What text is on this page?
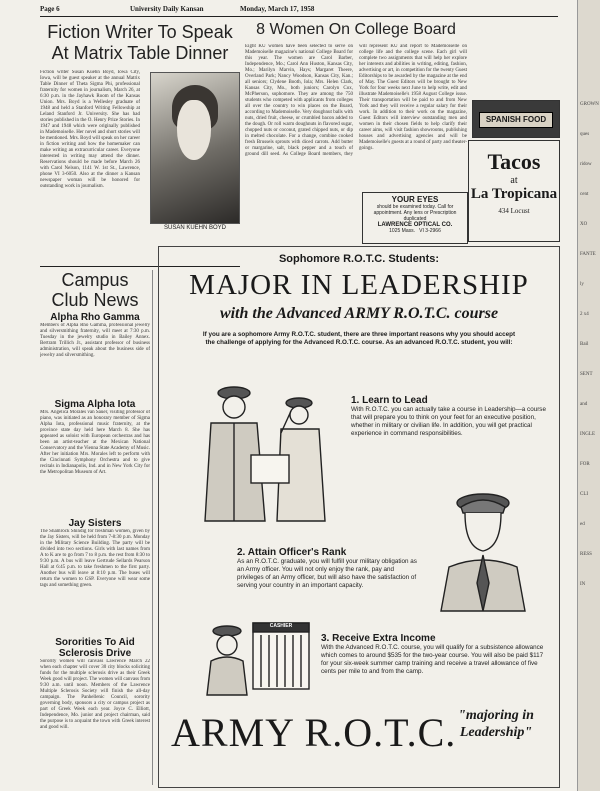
Page 6	University Daily Kansan	Monday, March 17, 1958
Fiction Writer To Speak
At Matrix Table Dinner
Fiction writer Susan Kuehn Boyd, Iowa City, Iowa, will be guest speaker at the annual Matrix Table Dinner of Theta Sigma Phi, professional fraternity for women in journalism, March 26, at 6:30 p.m. in the Jayhawk Room of the Kansas Union. Mrs. Boyd is a Wellesley graduate of 1948 and held a Stanford Writing Fellowship at Leland Stanford Jr. University. She has had stories published in the O. Henry Prize Stories. In 1947 and 1948 which were originally published in Mademoiselle. Her novel and short stories will be mentioned. Mrs. Boyd will speak on her career in fiction writing and how the homemaker can make writing an extracurricular career. Everyone interested in writing may attend the dinner. Reservations should be made before March 26 with Carol Nelson, 1141 W. 1st St., Lawrence, phone VI 3-6050. Also at the dinner a Kansan newspaper woman will be honored for outstanding work in journalism.
SUSAN KUEHN BOYD
Campus
Club News
Alpha Rho Gamma
Members of Alpha Rho Gamma, professional jewelry and silversmithing fraternity, will meet at 7:30 p.m. Tuesday in the jewelry studio in Bailey Annex. Bertram Trillich Jr., assistant professor of business administration, will speak about the business side of jewelry and silversmithing.
Sigma Alpha Iota
Mrs. Angelica Morales van Sauer, visiting professor of piano, was initiated as an honorary member of Sigma Alpha Iota, professional music fraternity, at the province state day held here March 8. She has appeared as soloist with European orchestras and has been an artist-teacher at the Mexican National Conservatory and the Vienna State Academy of Music. After her initiation Mrs. Morales left to perform with the Cincinnati Symphony Orchestra and to give recitals in Indianapolis, Ind. and in New York City for the Metropolitan Museum of Art.
Jay Sisters
The Shamrock Shindig for freshman women, given by the Jay Sisters, will be held from 7-8:30 p.m. Monday in the Military Science Building. The party will be divided into two sections. Girls with last names from A to K are to go from 7 to 8 p.m. the rest from 8:30 to 9:30 p.m. A bus will leave Gertrude Sellards Pearson Hall at 6:45 p.m. to take freshmen to the first party. Another bus will leave at 8:10 p.m. The buses will return the women to GSP. Everyone will wear some tags and something green.
Sororities To Aid Sclerosis Drive
Sorority women will canvass Lawrence March 22 when each chapter will cover 30 city blocks soliciting funds for the multiple sclerosis drive as their Greek Week good will project. The women will canvass from 9:30 a.m. until noon. Members of the Lawrence Multiple Sclerosis Society will finish the all-day campaign. The Panhellenic Council, sorority governing body, sponsors a city or campus project as part of Greek Week each year. Joyce C. Elliott, Independence, Mo. junior and project chairman, said the purpose is to acquaint the town with Greek interest and good will.
8 Women On College Board
Eight KU women have been selected to serve on Mademoiselle magazine's national College Board for this year. The women are Carol Barber, Independence, Mo.; Carol Ann Huston, Kansas City, Mo.; Marilyn Marvin, Hays; Margaret Theere, Overland Park; Nancy Woodson, Kansas City, Kan.; all seniors; Clydene Booth, Iola; Mrs. Helen Clark, Kansas City, Mo., both juniors; Carolyn Cox, McPherson, sophomore. They are among the 750 students who competed with applicants from colleges all over the country to win places on the Board, according to Mademoiselle. Very doughnut balls with nuts, dried fruit, cheese, or crumbled bacon added to the dough. Or roll warm doughnuts in flavored sugar, chopped nuts or coconut, grated chipped nuts, or dip in melted chocolate. For a change, combine cooked fresh Brussels sprouts with diced carrots. Add butter or margarine, salt, black pepper and a touch of ground dill seed. As College Board members, they will represent KU and report to Mademoiselle on college life and the college scene. Each girl will complete two assignments that will help her explore her interests and abilities in writing, editing, fashion, advertising or art, in competition for the twenty Guest Editorships to be awarded by the magazine at the end of May. The Guest Editors will be brought to New York for four weeks next June to help write, edit and illustrate Mademoiselle's 1958 August College issue. Their transportation will be paid to and from New York and they will receive a regular salary for their work. In addition to their work on the magazine, Guest Editors will interview outstanding men and women in their chosen fields to help clarify their career aims, will visit fashion showrooms, publishing houses and advertising agencies and will be Mademoiselle's guests at a round of party and theater-goings.
YOUR EYES
should be examined today. Call for appointment. Any lens or Prescription duplicated
LAWRENCE OPTICAL CO.
1025 Mass. VI 3-2966
SPANISH FOOD
Tacos
at
La Tropicana
434 Locust
Sophomore R.O.T.C. Students:
MAJOR IN LEADERSHIP
with the Advanced ARMY R.O.T.C. course
If you are a sophomore Army R.O.T.C. student, there are three important reasons why you should accept the challenge of applying for the Advanced R.O.T.C. course. As an advanced R.O.T.C. student, you will:
1. Learn to Lead
With R.O.T.C. you can actually take a course in Leadership—a course that will prepare you to think on your feet for an executive position, whether in military or civilian life. In addition, you will get practical experience in command responsibilities.
2. Attain Officer's Rank
As an R.O.T.C. graduate, you will fulfill your military obligation as an Army officer. You will not only enjoy the rank, pay and privileges of an Army officer, but will also have the satisfaction of serving your country in an important capacity.
CASHIER
3. Receive Extra Income
With the Advanced R.O.T.C. course, you will qualify for a subsistence allowance which comes to around $535 for the two-year course. You will also be paid $117 for your six-week summer camp training and receive a travel allowance of five cents per mile to and from the camp.
ARMY R.O.T.C. "majoring in Leadership"
GROWN
ques
ridow
cent
XO
FANTE
ly
2 x4
Bail
SENT
and
INGLE
FOR
CLI
ed
RESS
IN
